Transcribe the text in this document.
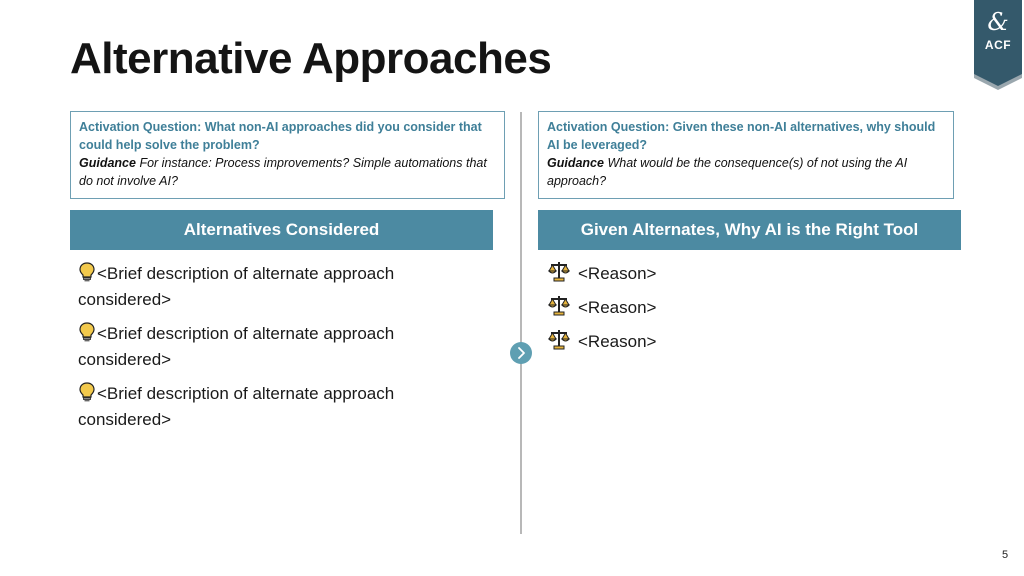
Alternative Approaches
&
ACF
Activation Question: What non-AI approaches did you consider that could help solve the problem?
Guidance For instance: Process improvements? Simple automations that do not involve AI?
Activation Question: Given these non-AI alternatives, why should AI be leveraged?
Guidance What would be the consequence(s) of not using the AI approach?
Alternatives Considered	Given Alternates, Why AI is the Right Tool
<Brief description of alternate approach considered>
<Brief description of alternate approach considered>
<Brief description of alternate approach considered>
<Reason>
<Reason>
<Reason>
5
